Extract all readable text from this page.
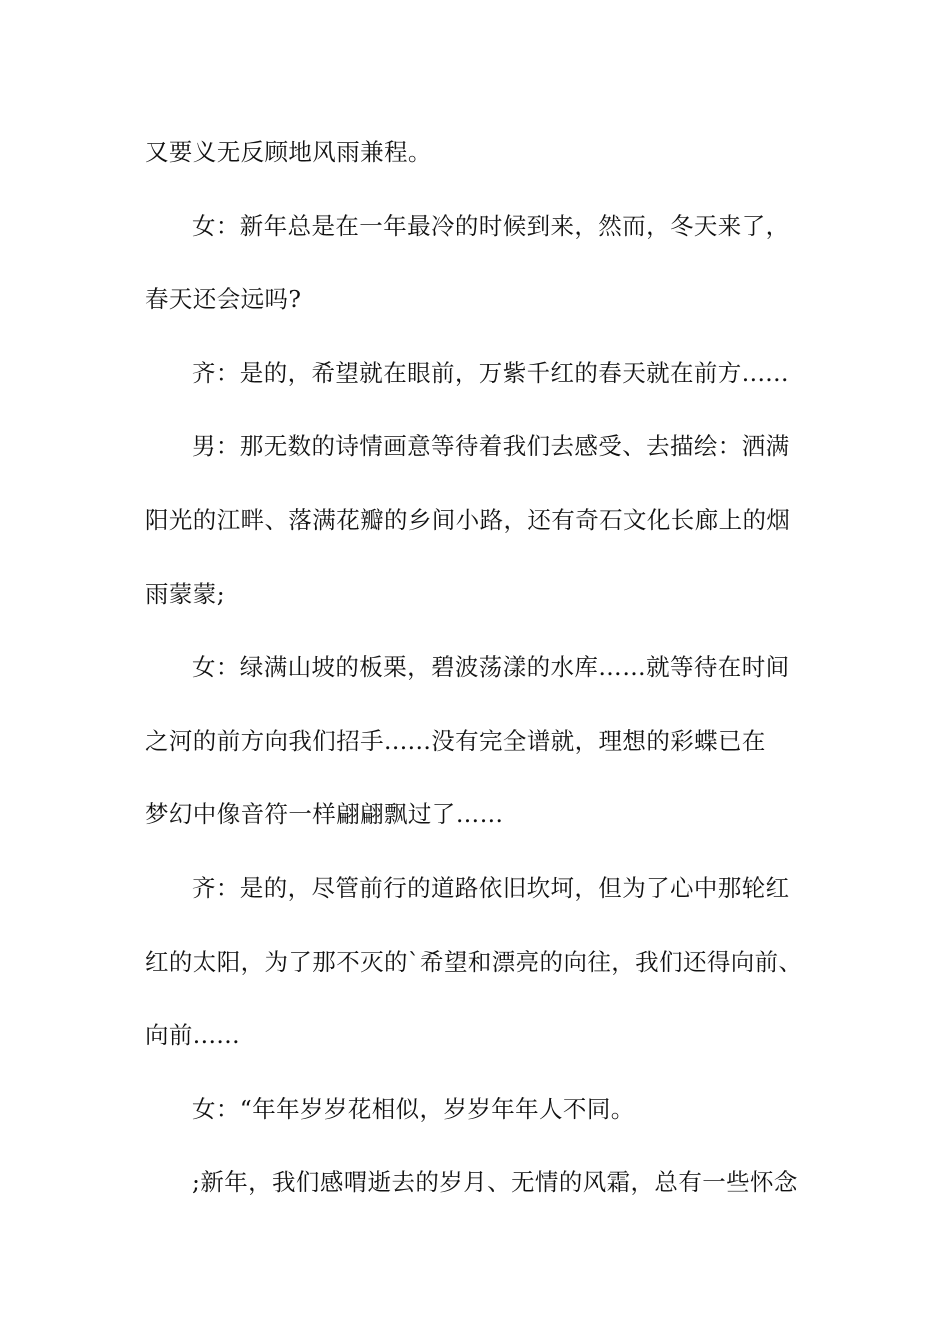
又要义无反顾地风雨兼程。
女：新年总是在一年最冷的时候到来，然而，冬天来了，
春天还会远吗?
齐：是的，希望就在眼前，万紫千红的春天就在前方......
男：那无数的诗情画意等待着我们去感受、去描绘：洒满
阳光的江畔、落满花瓣的乡间小路，还有奇石文化长廊上的烟
雨蒙蒙;
女：绿满山坡的板栗，碧波荡漾的水库……就等待在时间
之河的前方向我们招手......没有完全谱就，理想的彩蝶已在
梦幻中像音符一样翩翩飘过了……
齐：是的，尽管前行的道路依旧坎坷，但为了心中那轮红
红的太阳，为了那不灭的`希望和漂亮的向往，我们还得向前、
向前......
女：“年年岁岁花相似，岁岁年年人不同。
;新年，我们感喟逝去的岁月、无情的风霜，总有一些怀念
